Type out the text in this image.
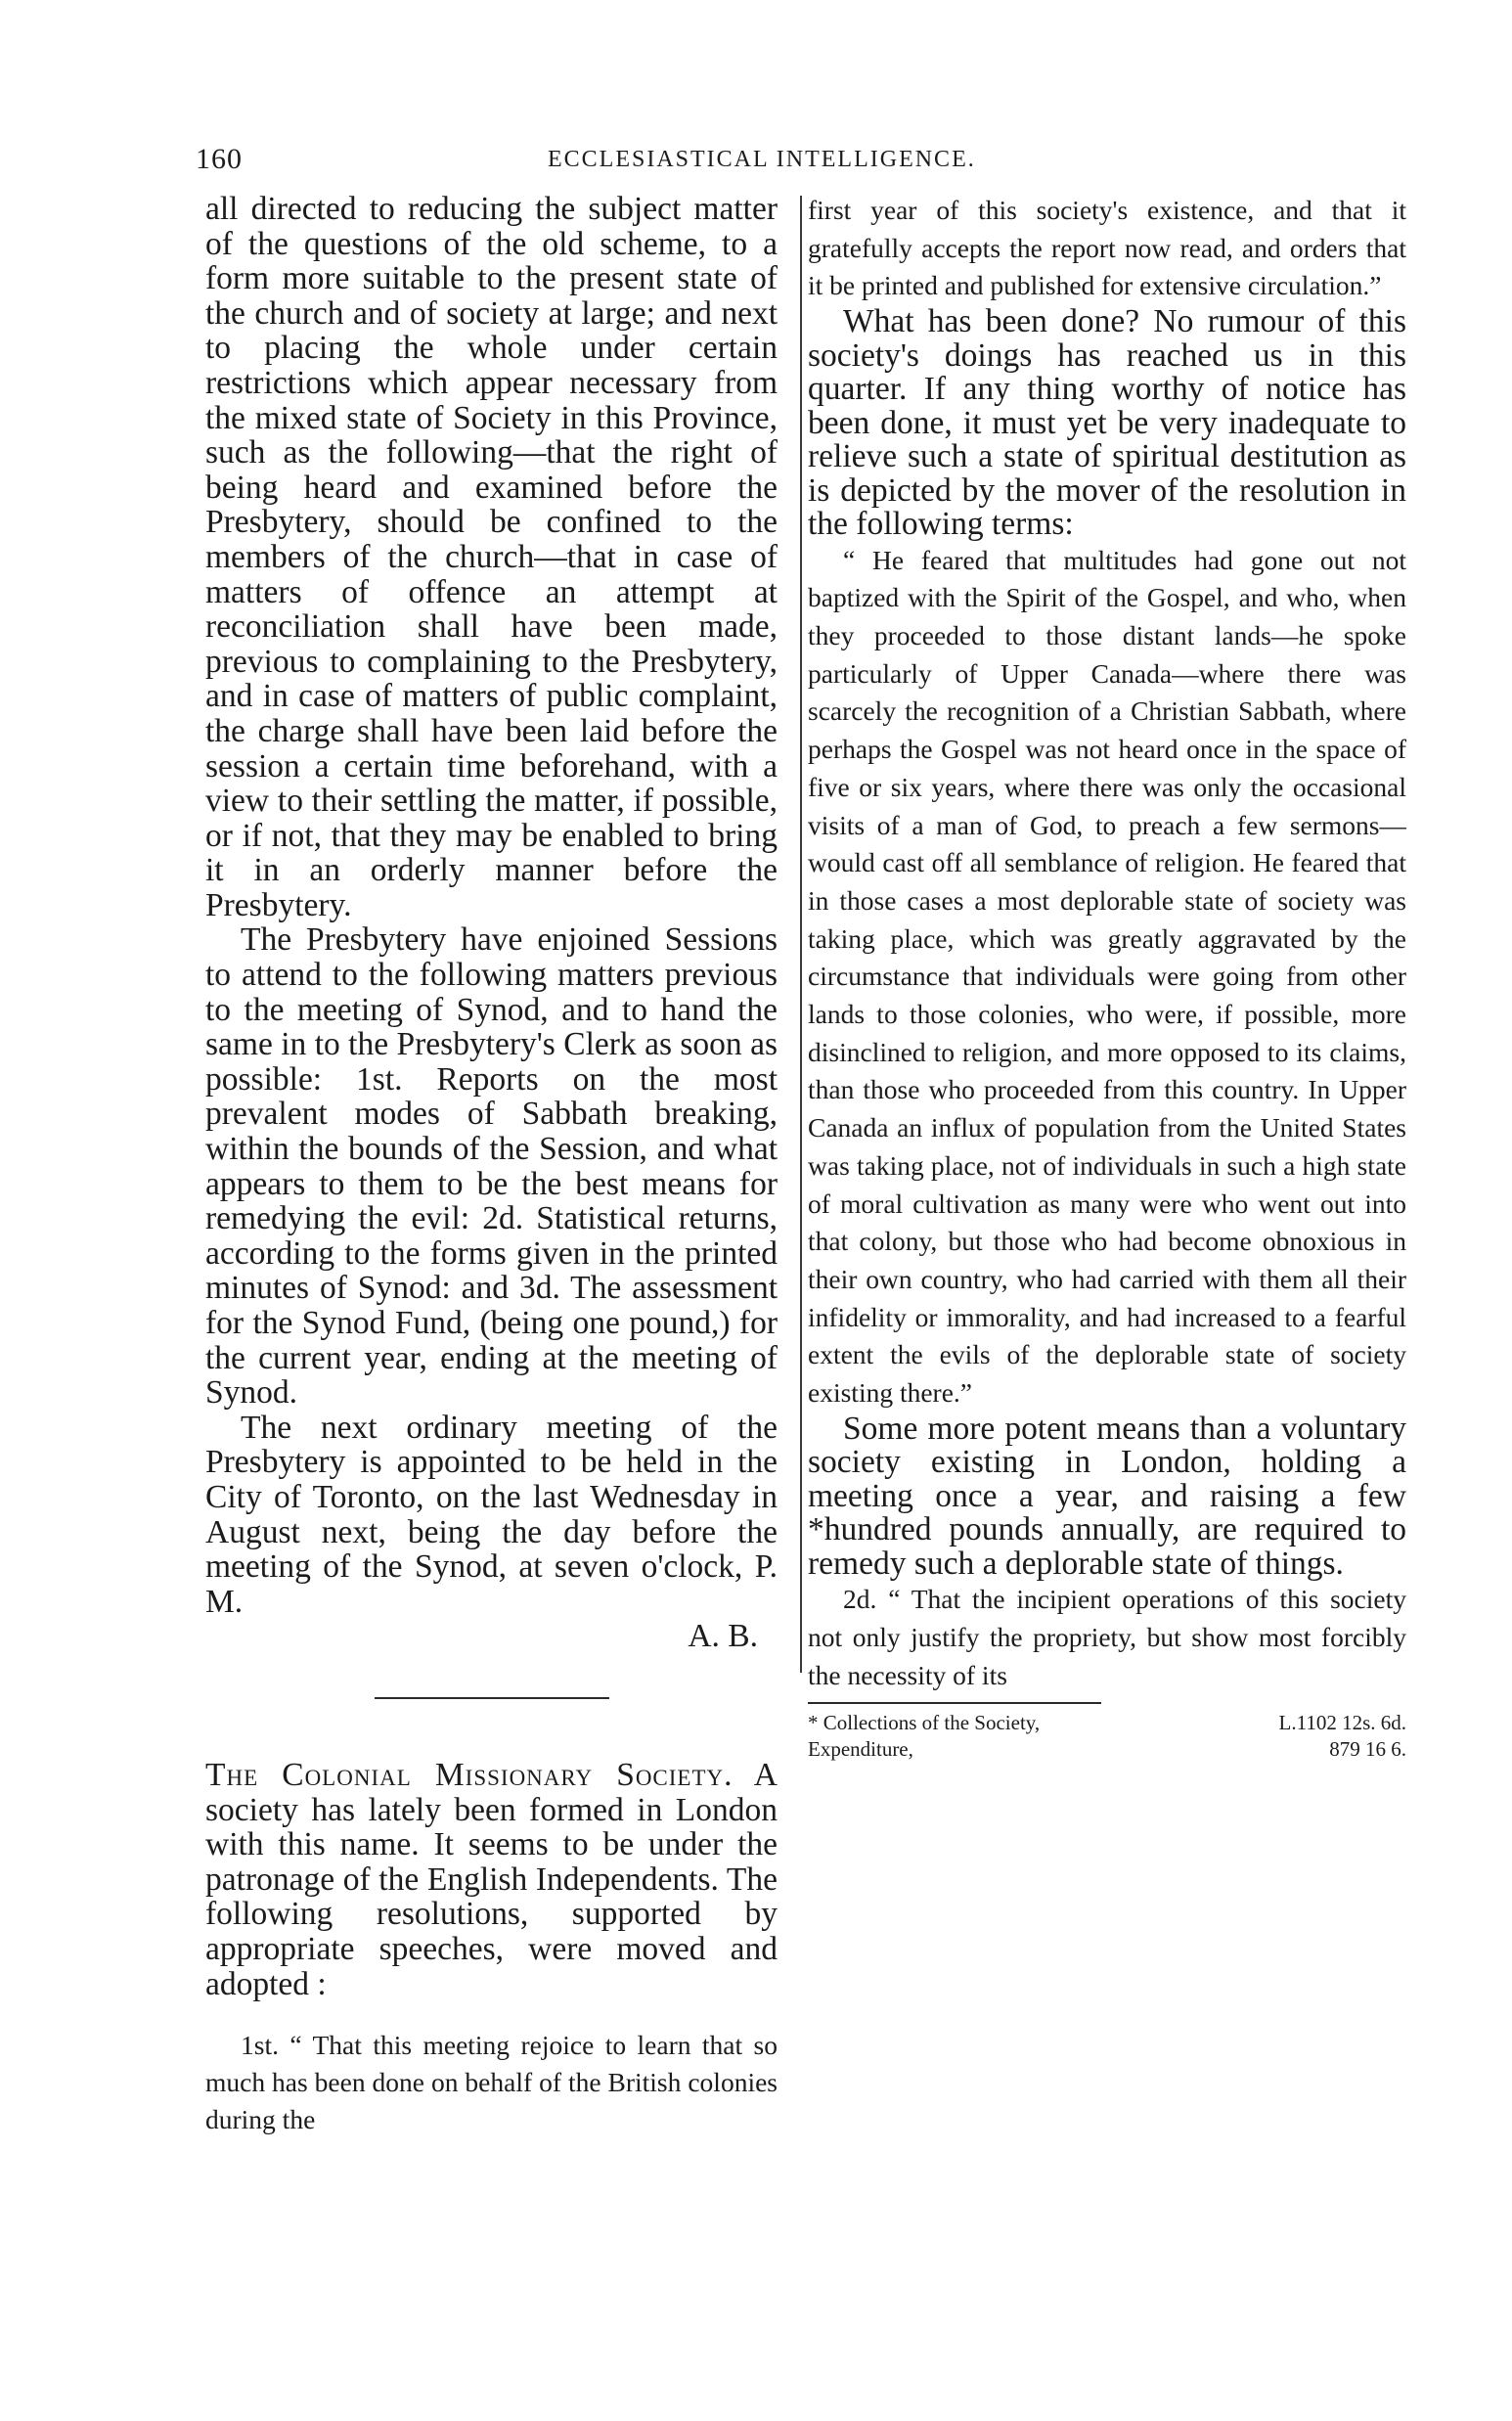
160	ECCLESIASTICAL INTELLIGENCE.

all directed to reducing the subject matter of the questions of the old scheme, to a form more suitable to the present state of the church and of society at large; and next to placing the whole under certain restrictions which appear necessary from the mixed state of Society in this Province, such as the following—that the right of being heard and examined before the Presbytery, should be confined to the members of the church—that in case of matters of offence an attempt at reconciliation shall have been made, previous to complaining to the Presbytery, and in case of matters of public complaint, the charge shall have been laid before the session a certain time beforehand, with a view to their settling the matter, if possible, or if not, that they may be enabled to bring it in an orderly manner before the Presbytery.

The Presbytery have enjoined Sessions to attend to the following matters previous to the meeting of Synod, and to hand the same in to the Presbytery's Clerk as soon as possible: 1st. Reports on the most prevalent modes of Sabbath breaking, within the bounds of the Session, and what appears to them to be the best means for remedying the evil: 2d. Statistical returns, according to the forms given in the printed minutes of Synod: and 3d. The assessment for the Synod Fund, (being one pound,) for the current year, ending at the meeting of Synod.

The next ordinary meeting of the Presbytery is appointed to be held in the City of Toronto, on the last Wednesday in August next, being the day before the meeting of the Synod, at seven o'clock, P. M.

A. B.

The Colonial Missionary Society. A society has lately been formed in London with this name. It seems to be under the patronage of the English Independents. The following resolutions, supported by appropriate speeches, were moved and adopted :

1st. “ That this meeting rejoice to learn that so much has been done on behalf of the British colonies during the

first year of this society's existence, and that it gratefully accepts the report now read, and orders that it be printed and published for extensive circulation.”

What has been done? No rumour of this society's doings has reached us in this quarter. If any thing worthy of notice has been done, it must yet be very inadequate to relieve such a state of spiritual destitution as is depicted by the mover of the resolution in the following terms:

“ He feared that multitudes had gone out not baptized with the Spirit of the Gospel, and who, when they proceeded to those distant lands—he spoke particularly of Upper Canada—where there was scarcely the recognition of a Christian Sabbath, where perhaps the Gospel was not heard once in the space of five or six years, where there was only the occasional visits of a man of God, to preach a few sermons—would cast off all semblance of religion. He feared that in those cases a most deplorable state of society was taking place, which was greatly aggravated by the circumstance that individuals were going from other lands to those colonies, who were, if possible, more disinclined to religion, and more opposed to its claims, than those who proceeded from this country. In Upper Canada an influx of population from the United States was taking place, not of individuals in such a high state of moral cultivation as many were who went out into that colony, but those who had become obnoxious in their own country, who had carried with them all their infidelity or immorality, and had increased to a fearful extent the evils of the deplorable state of society existing there.”

Some more potent means than a voluntary society existing in London, holding a meeting once a year, and raising a few *hundred pounds annually, are required to remedy such a deplorable state of things.

2d. “ That the incipient operations of this society not only justify the propriety, but show most forcibly the necessity of its

* Collections of the Society,	L.1102 12s. 6d.
Expenditure,	879 16 6.
